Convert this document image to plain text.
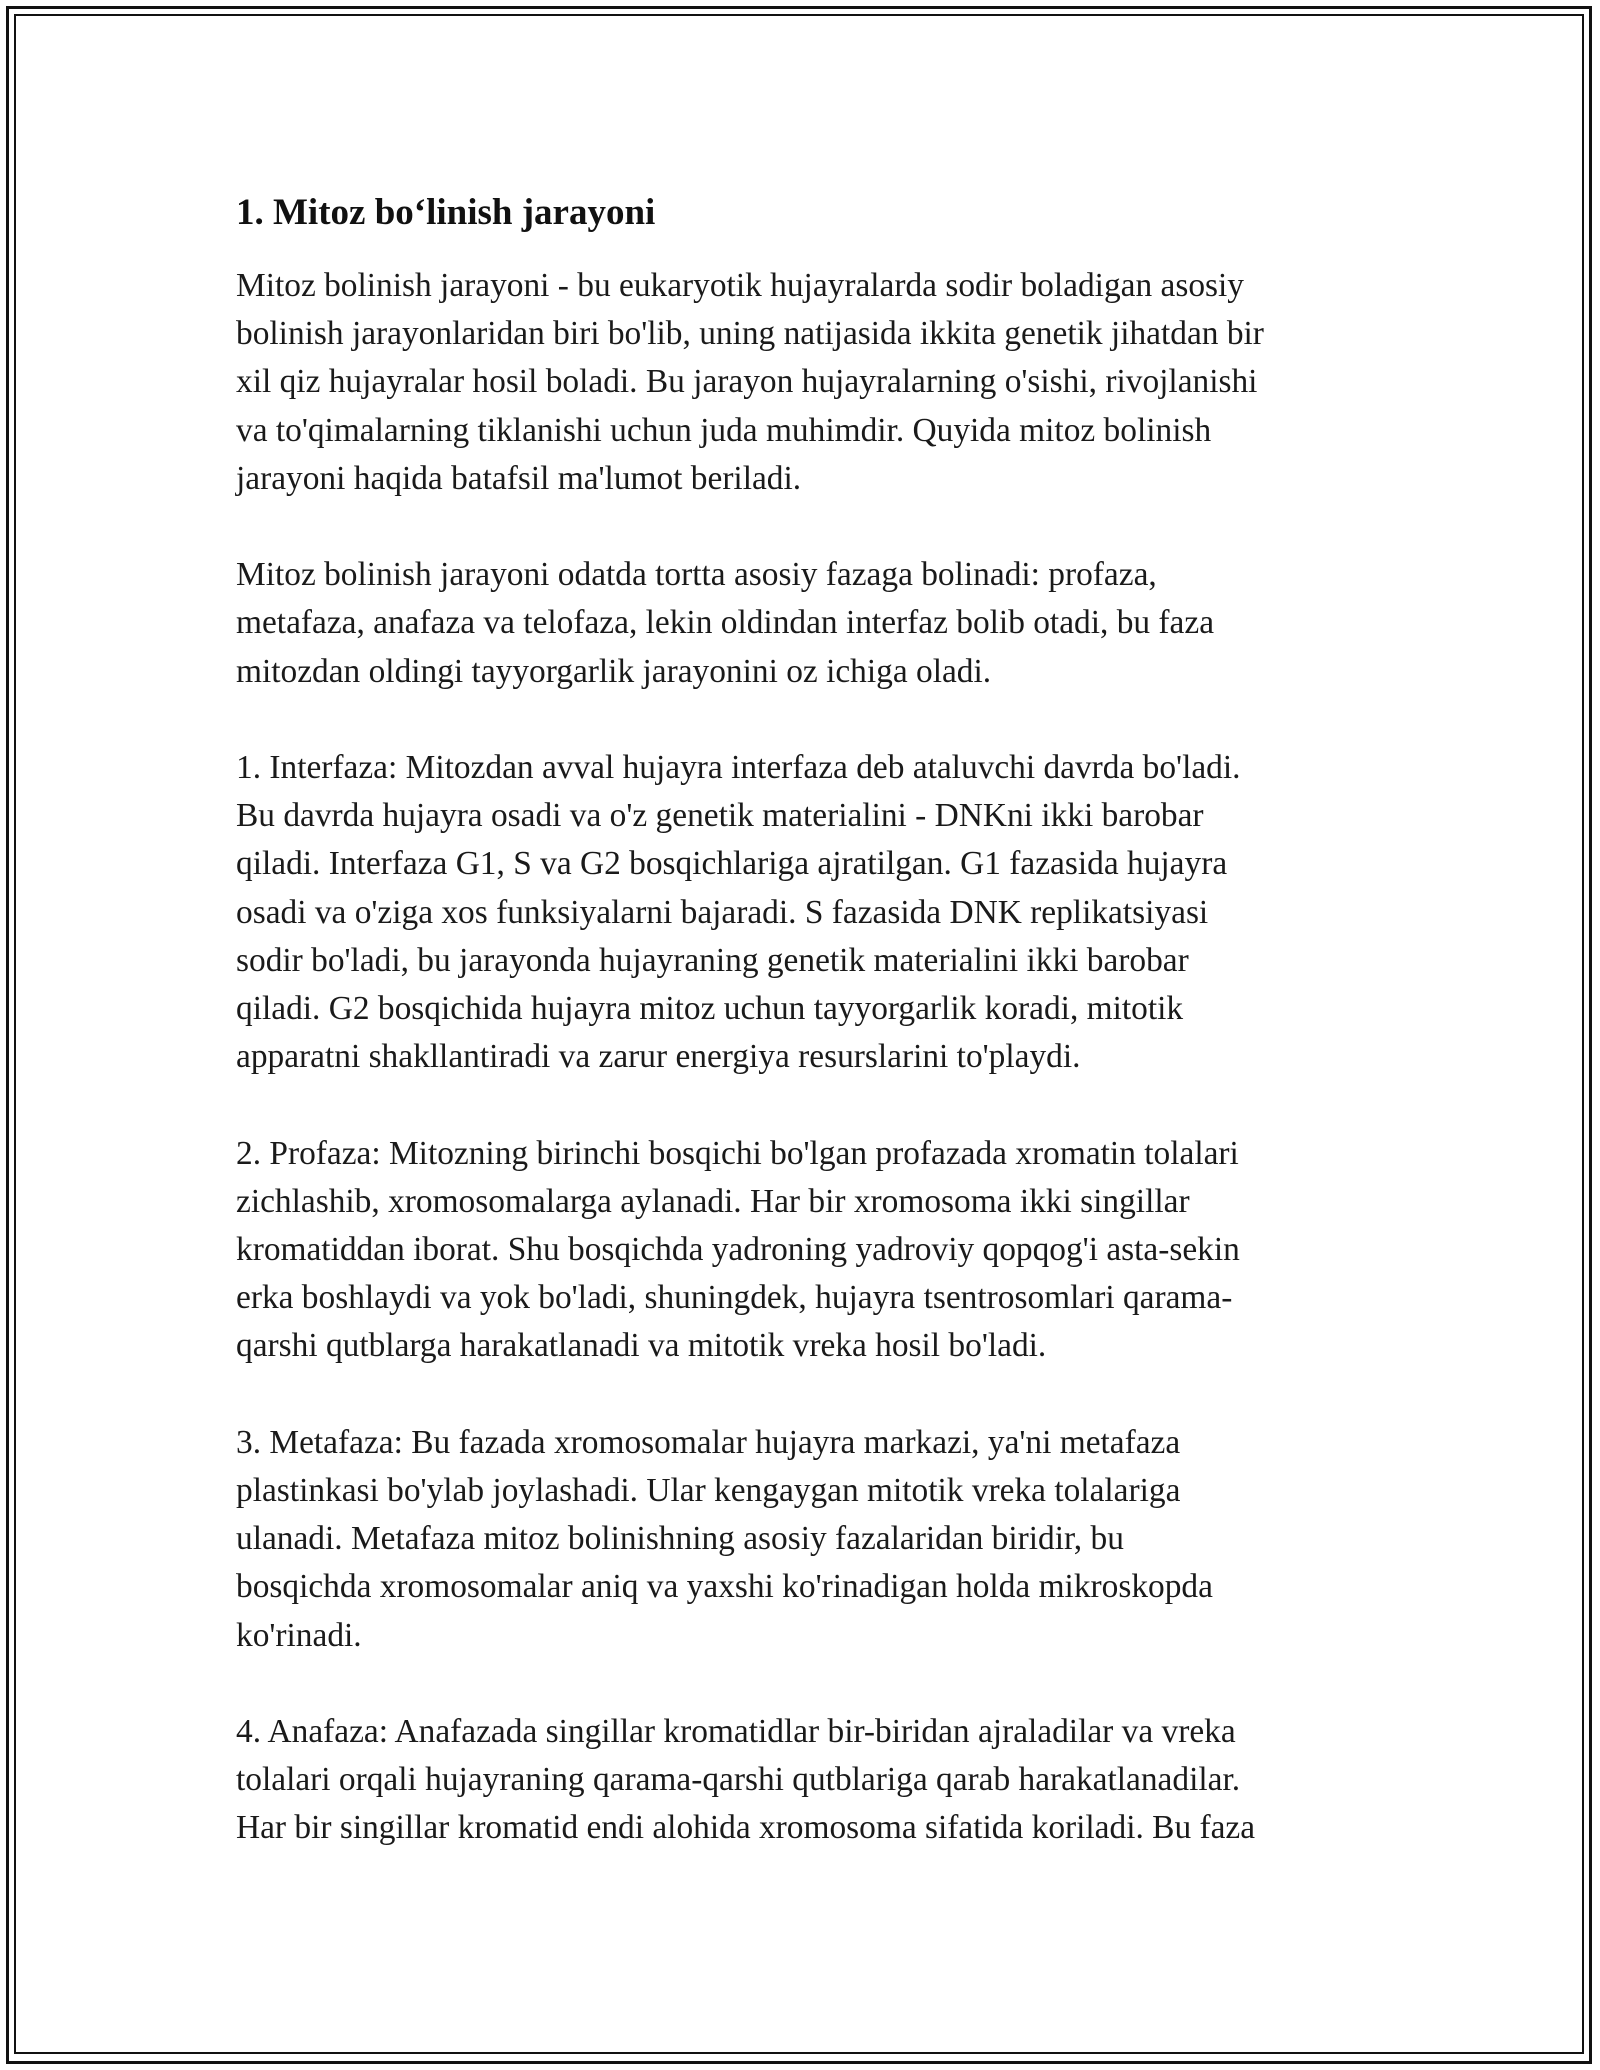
1. Mitoz bo‘linish jarayoni

Mitoz bolinish jarayoni - bu eukaryotik hujayralarda sodir boladigan asosiy
bolinish jarayonlaridan biri bo'lib, uning natijasida ikkita genetik jihatdan bir
xil qiz hujayralar hosil boladi. Bu jarayon hujayralarning o'sishi, rivojlanishi
va to'qimalarning tiklanishi uchun juda muhimdir. Quyida mitoz bolinish
jarayoni haqida batafsil ma'lumot beriladi.

Mitoz bolinish jarayoni odatda tortta asosiy fazaga bolinadi: profaza,
metafaza, anafaza va telofaza, lekin oldindan interfaz bolib otadi, bu faza
mitozdan oldingi tayyorgarlik jarayonini oz ichiga oladi.

1. Interfaza: Mitozdan avval hujayra interfaza deb ataluvchi davrda bo'ladi.
Bu davrda hujayra osadi va o'z genetik materialini - DNKni ikki barobar
qiladi. Interfaza G1, S va G2 bosqichlariga ajratilgan. G1 fazasida hujayra
osadi va o'ziga xos funksiyalarni bajaradi. S fazasida DNK replikatsiyasi
sodir bo'ladi, bu jarayonda hujayraning genetik materialini ikki barobar
qiladi. G2 bosqichida hujayra mitoz uchun tayyorgarlik koradi, mitotik
apparatni shakllantiradi va zarur energiya resurslarini to'playdi.

2. Profaza: Mitozning birinchi bosqichi bo'lgan profazada xromatin tolalari
zichlashib, xromosomalarga aylanadi. Har bir xromosoma ikki singillar
kromatiddan iborat. Shu bosqichda yadroning yadroviy qopqog'i asta-sekin
erka boshlaydi va yok bo'ladi, shuningdek, hujayra tsentrosomlari qarama-
qarshi qutblarga harakatlanadi va mitotik vreka hosil bo'ladi.

3. Metafaza: Bu fazada xromosomalar hujayra markazi, ya'ni metafaza
plastinkasi bo'ylab joylashadi. Ular kengaygan mitotik vreka tolalariga
ulanadi. Metafaza mitoz bolinishning asosiy fazalaridan biridir, bu
bosqichda xromosomalar aniq va yaxshi ko'rinadigan holda mikroskopda
ko'rinadi.

4. Anafaza: Anafazada singillar kromatidlar bir-biridan ajraladilar va vreka
tolalari orqali hujayraning qarama-qarshi qutblariga qarab harakatlanadilar.
Har bir singillar kromatid endi alohida xromosoma sifatida koriladi. Bu faza
